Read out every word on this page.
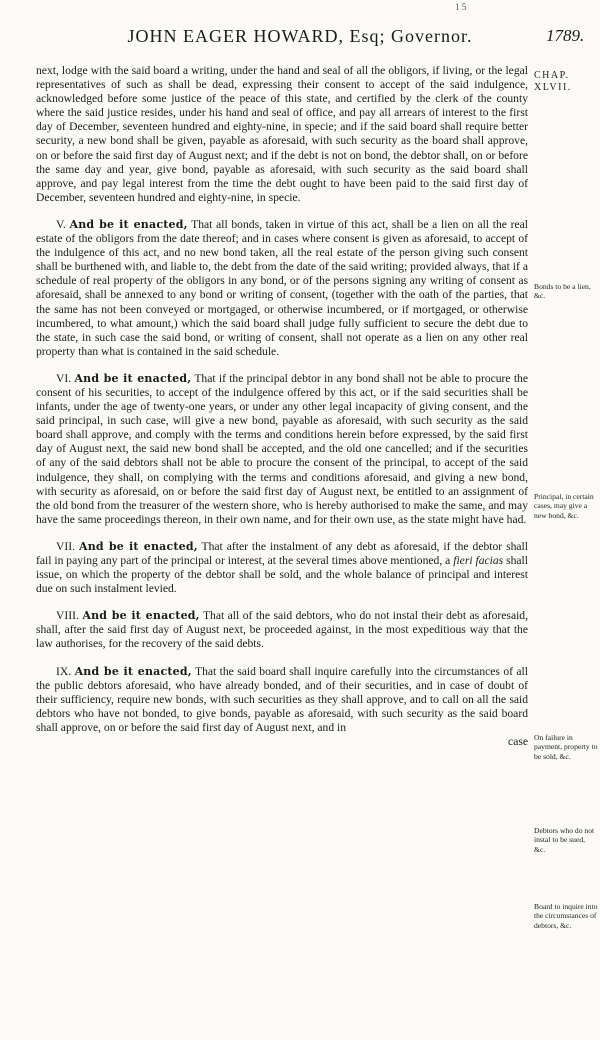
1 5
JOHN EAGER HOWARD, Esq; Governor.	1789.
CHAP.
XLVII.

next, lodge with the said board a writing, under the hand and seal of all the obligors, if living, or the legal representatives of such as shall be dead, expressing their consent to accept of the said indulgence, acknowledged before some justice of the peace of this state, and certified by the clerk of the county where the said justice resides, under his hand and seal of office, and pay all arrears of interest to the first day of December, seventeen hundred and eighty-nine, in specie; and if the said board shall require better security, a new bond shall be given, payable as aforesaid, with such security as the board shall approve, on or before the said first day of August next; and if the debt is not on bond, the debtor shall, on or before the same day and year, give bond, payable as aforesaid, with such security as the said board shall approve, and pay legal interest from the time the debt ought to have been paid to the said first day of December, seventeen hundred and eighty-nine, in specie.

V. And be it enacted, That all bonds, taken in virtue of this act, shall be a lien on all the real estate of the obligors from the date thereof; and in cases where consent is given as aforesaid, to accept of the indulgence of this act, and no new bond taken, all the real estate of the person giving such consent shall be burthened with, and liable to, the debt from the date of the said writing; provided always, that if a schedule of real property of the obligors in any bond, or of the persons signing any writing of consent as aforesaid, shall be annexed to any bond or writing of consent, (together with the oath of the parties, that the same has not been conveyed or mortgaged, or otherwise incumbered, or if mortgaged, or otherwise incumbered, to what amount,) which the said board shall judge fully sufficient to secure the debt due to the state, in such case the said bond, or writing of consent, shall not operate as a lien on any other real property than what is contained in the said schedule.

VI. And be it enacted, That if the principal debtor in any bond shall not be able to procure the consent of his securities, to accept of the indulgence offered by this act, or if the said securities shall be infants, under the age of twenty-one years, or under any other legal incapacity of giving consent, and the said principal, in such case, will give a new bond, payable as aforesaid, with such security as the said board shall approve, and comply with the terms and conditions herein before expressed, by the said first day of August next, the said new bond shall be accepted, and the old one cancelled; and if the securities of any of the said debtors shall not be able to procure the consent of the principal, to accept of the said indulgence, they shall, on complying with the terms and conditions aforesaid, and giving a new bond, with security as aforesaid, on or before the said first day of August next, be entitled to an assignment of the old bond from the treasurer of the western shore, who is hereby authorised to make the same, and may have the same proceedings thereon, in their own name, and for their own use, as the state might have had.

VII. And be it enacted, That after the instalment of any debt as aforesaid, if the debtor shall fail in paying any part of the principal or interest, at the several times above mentioned, a fieri facias shall issue, on which the property of the debtor shall be sold, and the whole balance of principal and interest due on such instalment levied.

VIII. And be it enacted, That all of the said debtors, who do not instal their debt as aforesaid, shall, after the said first day of August next, be proceeded against, in the most expeditious way that the law authorises, for the recovery of the said debts.

IX. And be it enacted, That the said board shall inquire carefully into the circumstances of all the public debtors aforesaid, who have already bonded, and of their securities, and in case of doubt of their sufficiency, require new bonds, with such securities as they shall approve, and to call on all the said debtors who have not bonded, to give bonds, payable as aforesaid, with such security as the said board shall approve, on or before the said first day of August next, and in

case
Bonds to be a lien, &c.
Principal, in certain cases, may give a new bond, &c.
On failure in payment, property to be sold, &c.
Debtors who do not instal to be sued, &c.
Board to inquire into the circumstances of debtors, &c.
